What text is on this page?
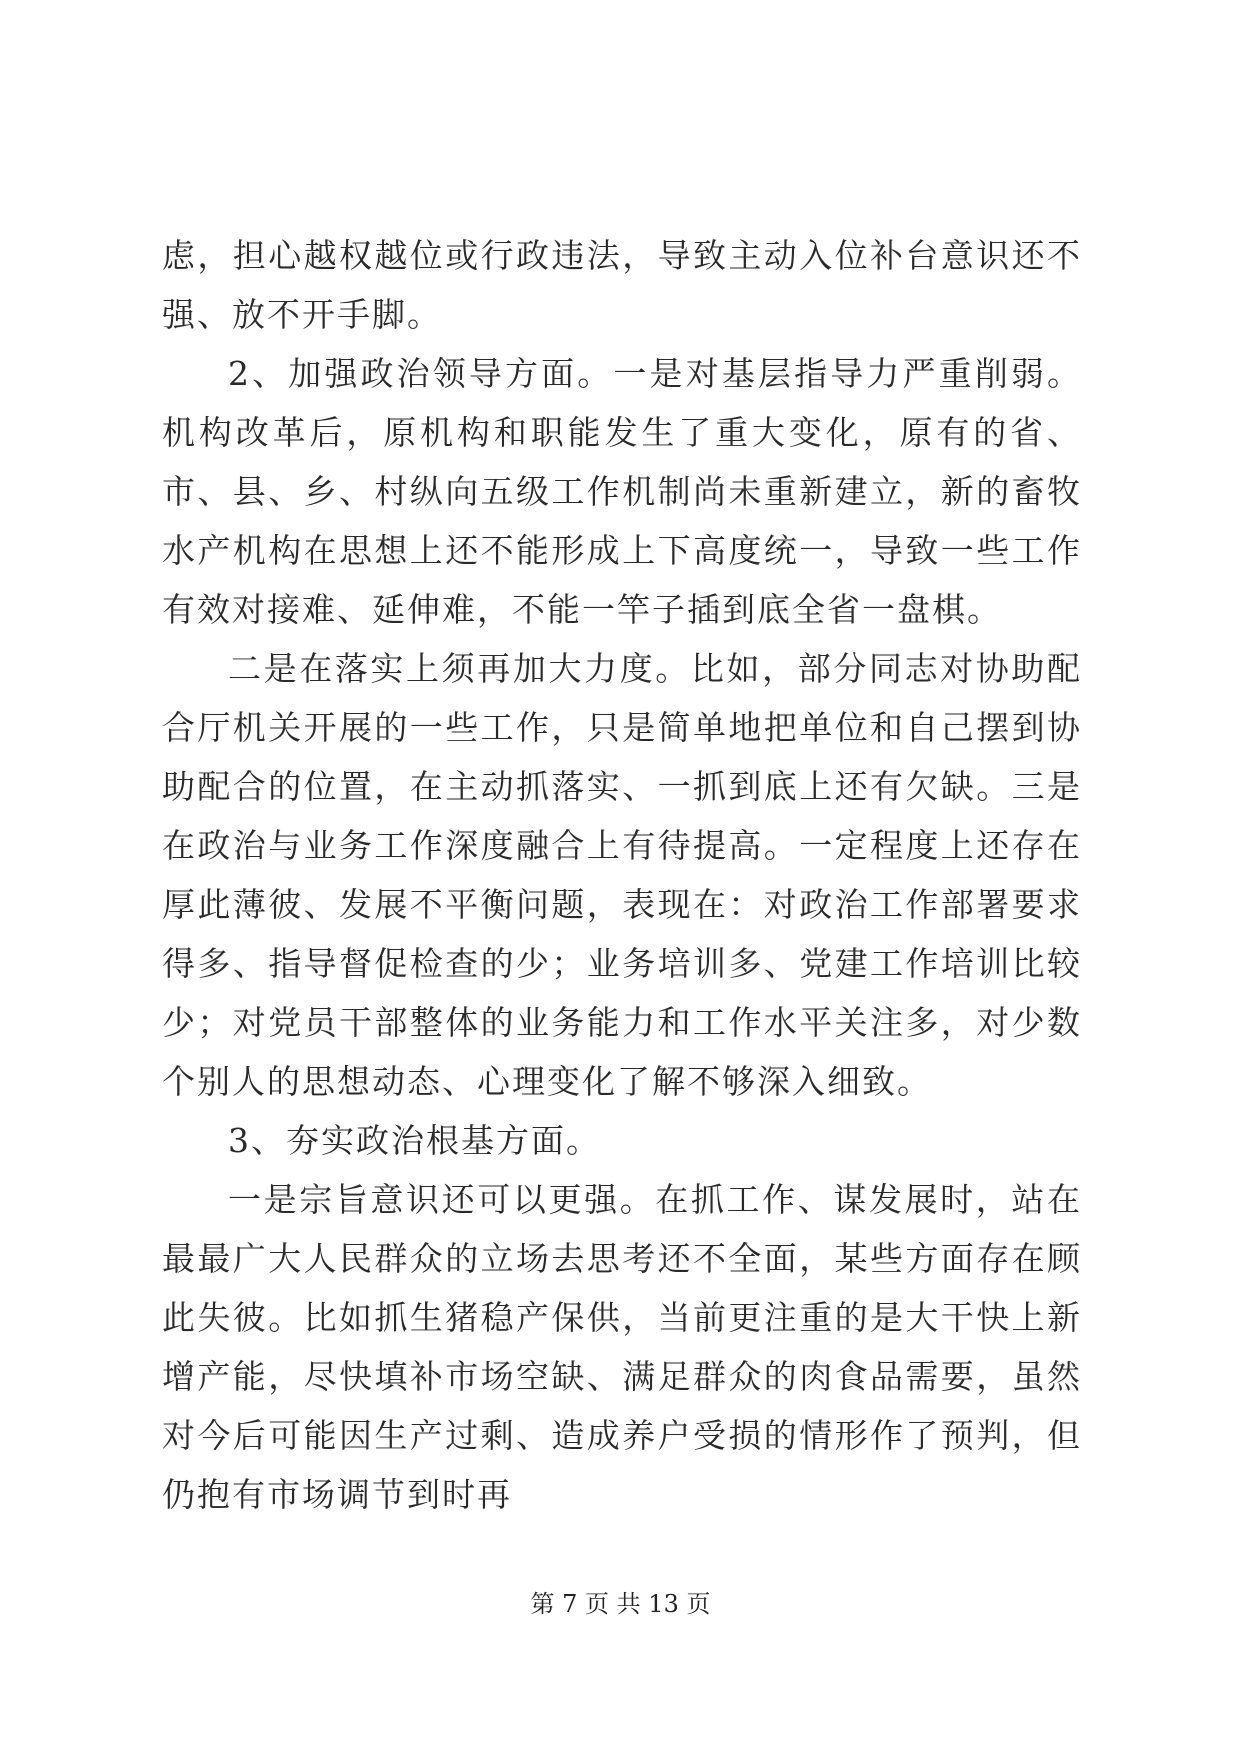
虑，担心越权越位或行政违法，导致主动入位补台意识还不强、放不开手脚。

2、加强政治领导方面。一是对基层指导力严重削弱。机构改革后，原机构和职能发生了重大变化，原有的省、市、县、乡、村纵向五级工作机制尚未重新建立，新的畜牧水产机构在思想上还不能形成上下高度统一，导致一些工作有效对接难、延伸难，不能一竿子插到底全省一盘棋。

二是在落实上须再加大力度。比如，部分同志对协助配合厅机关开展的一些工作，只是简单地把单位和自己摆到协助配合的位置，在主动抓落实、一抓到底上还有欠缺。三是在政治与业务工作深度融合上有待提高。一定程度上还存在厚此薄彼、发展不平衡问题，表现在：对政治工作部署要求得多、指导督促检查的少；业务培训多、党建工作培训比较少；对党员干部整体的业务能力和工作水平关注多，对少数个别人的思想动态、心理变化了解不够深入细致。

3、夯实政治根基方面。

一是宗旨意识还可以更强。在抓工作、谋发展时，站在最最广大人民群众的立场去思考还不全面，某些方面存在顾此失彼。比如抓生猪稳产保供，当前更注重的是大干快上新增产能，尽快填补市场空缺、满足群众的肉食品需要，虽然对今后可能因生产过剩、造成养户受损的情形作了预判，但仍抱有市场调节到时再

第 7 页 共 13 页
